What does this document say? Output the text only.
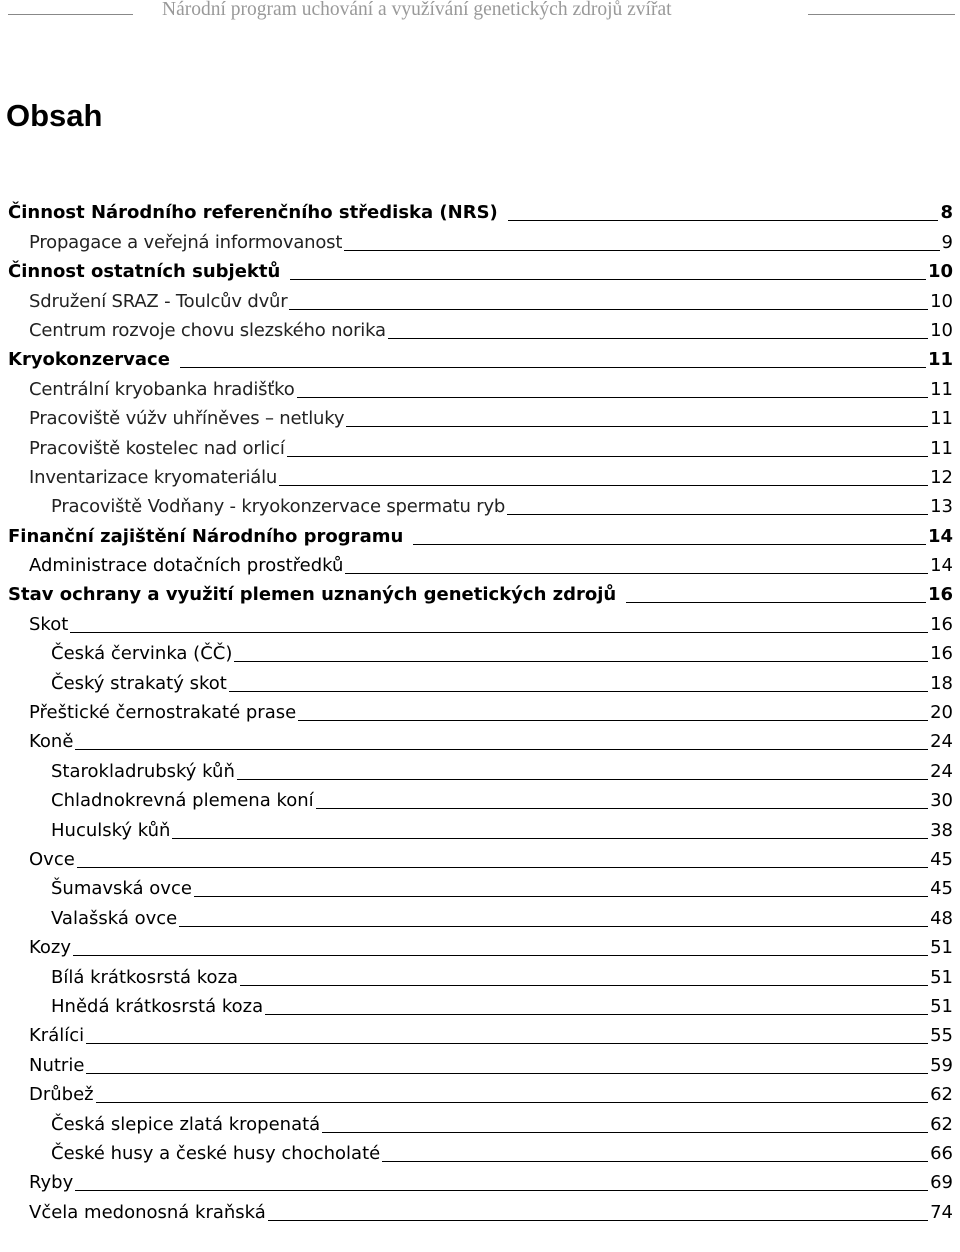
Národní program uchování a využívání genetických zdrojů zvířat
Obsah
Činnost Národního referenčního střediska (NRS)	8
Propagace a veřejná informovanost	9
Činnost ostatních subjektů	10
Sdružení SRAZ - Toulcův dvůr	10
Centrum rozvoje chovu slezského norika	10
Kryokonzervace	11
Centrální kryobanka hradišťko	11
Pracoviště vúžv uhříněves – netluky	11
Pracoviště kostelec nad orlicí	11
Inventarizace kryomateriálu	12
Pracoviště Vodňany - kryokonzervace spermatu ryb	13
Finanční zajištění Národního programu	14
Administrace dotačních prostředků	14
Stav ochrany a využití plemen uznaných genetických zdrojů	16
Skot	16
Česká červinka (ČČ)	16
Český strakatý skot	18
Přeštické černostrakaté prase	20
Koně	24
Starokladrubský kůň	24
Chladnokrevná plemena koní	30
Huculský kůň	38
Ovce	45
Šumavská ovce	45
Valašská ovce	48
Kozy	51
Bílá krátkosrstá koza	51
Hnědá krátkosrstá koza	51
Králíci	55
Nutrie	59
Drůbež	62
Česká slepice zlatá kropenatá	62
České husy a české husy chocholaté	66
Ryby	69
Včela medonosná kraňská	74
